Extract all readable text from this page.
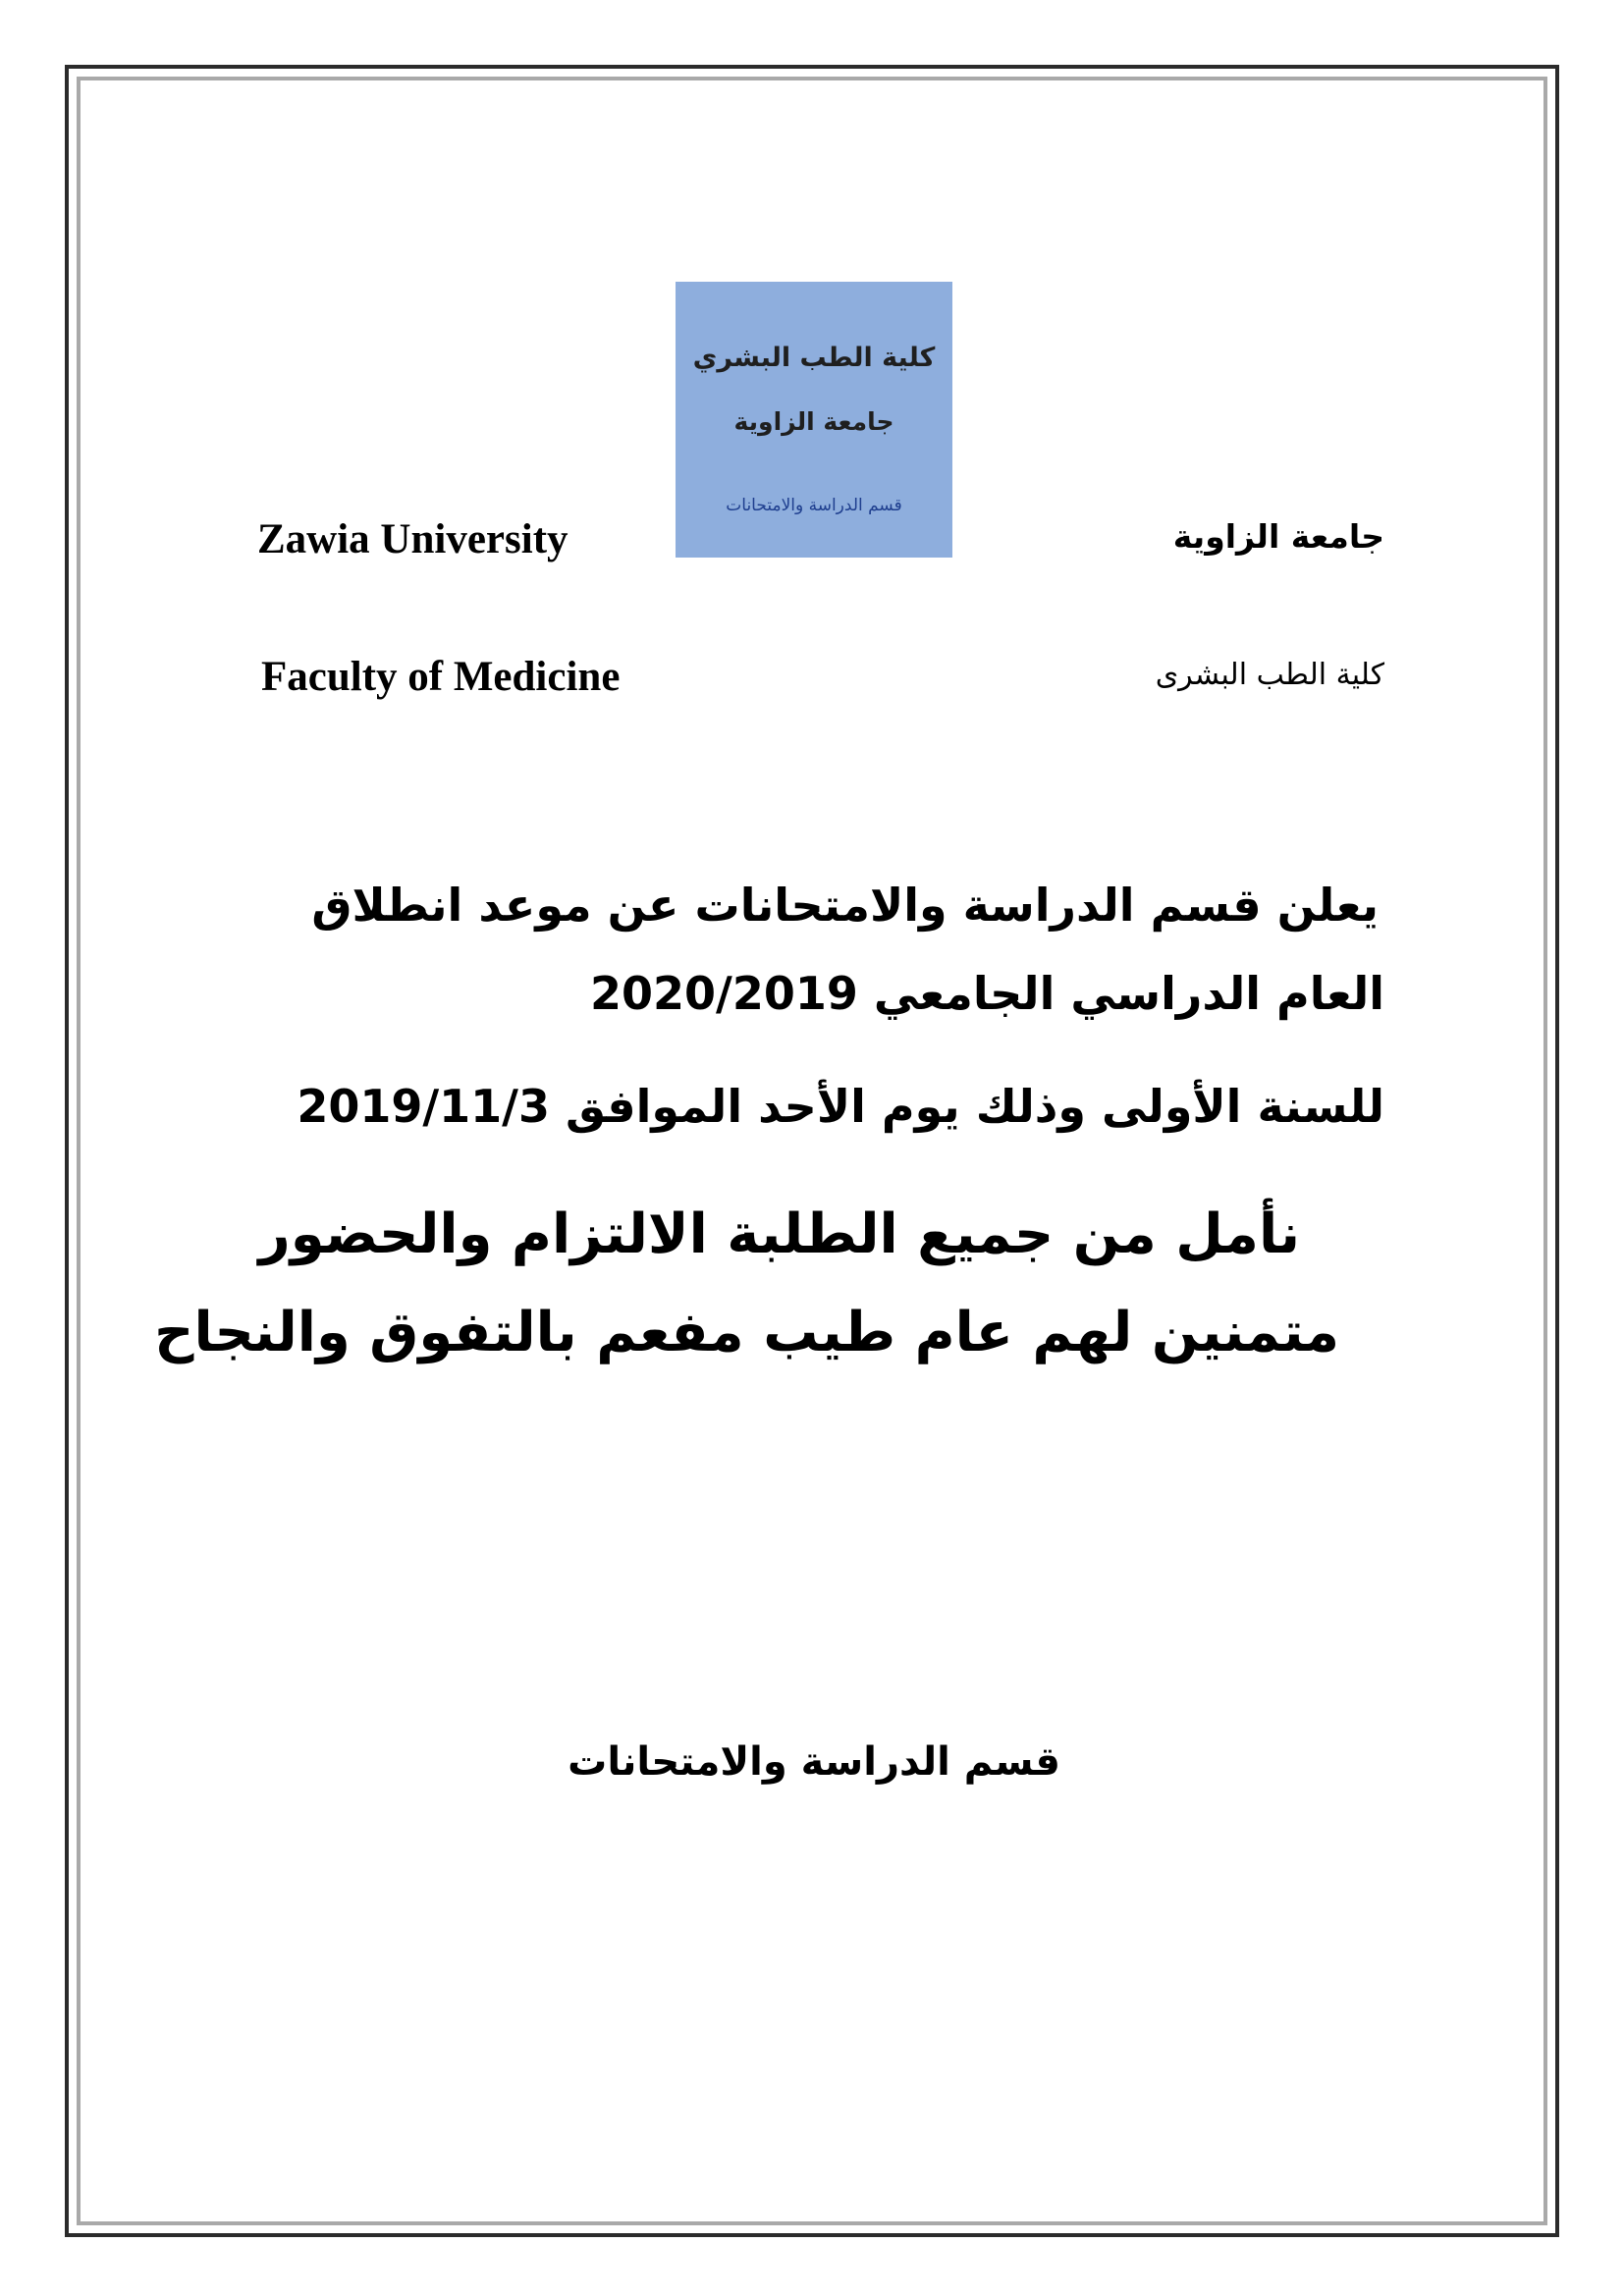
كلية الطب البشري
جامعة الزاوية
قسم الدراسة والامتحانات
Zawia University	جامعة الزاوية
Faculty of Medicine	كلية الطب البشرى
يعلن قسم الدراسة والامتحانات عن موعد انطلاق
العام الدراسي الجامعي 2020/2019
للسنة الأولى وذلك يوم الأحد الموافق 2019/11/3
نأمل من جميع الطلبة الالتزام والحضور
متمنين لهم عام طيب مفعم بالتفوق والنجاح
قسم الدراسة والامتحانات
